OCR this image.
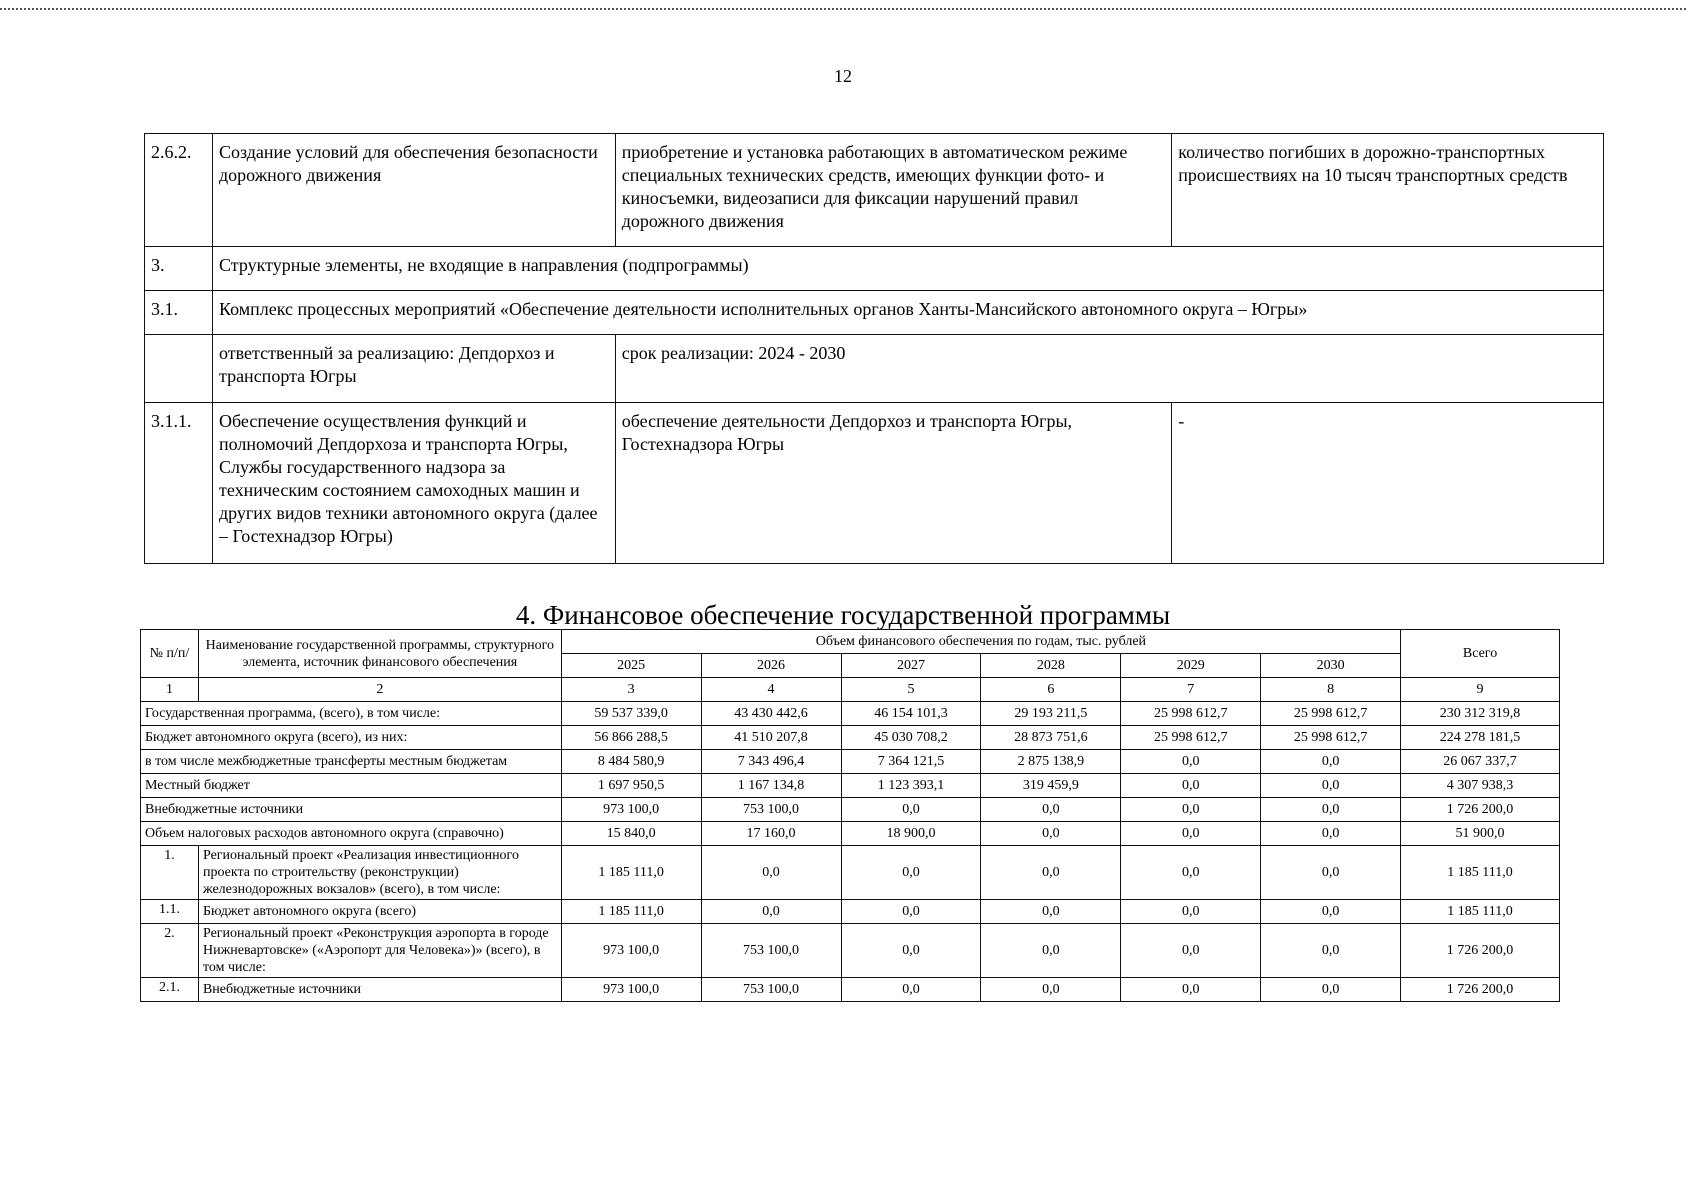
12
2.6.2.	Создание условий для обеспечения безопасности дорожного движения	приобретение и установка работающих в автоматическом режиме специальных технических средств, имеющих функции фото- и киносъемки, видеозаписи для фиксации нарушений правил дорожного движения	количество погибших в дорожно-транспортных происшествиях на 10 тысяч транспортных средств
3.	Структурные элементы, не входящие в направления (подпрограммы)		
3.1.	Комплекс процессных мероприятий «Обеспечение деятельности исполнительных органов Ханты-Мансийского автономного округа – Югры»		
	ответственный за реализацию: Депдорхоз и транспорта Югры	срок реализации: 2024 - 2030	
3.1.1.	Обеспечение осуществления функций и полномочий Депдорхоза и транспорта Югры, Службы государственного надзора за техническим состоянием самоходных машин и других видов техники автономного округа (далее – Гостехнадзор Югры)	обеспечение деятельности Депдорхоз и транспорта Югры, Гостехнадзора Югры	-
4. Финансовое обеспечение государственной программы
№ п/п/	Наименование государственной программы, структурного элемента, источник финансового обеспечения	Объем финансового обеспечения по годам, тыс. рублей						Всего
		2025	2026	2027	2028	2029	2030	
1	2	3	4	5	6	7	8	9
Государственная программа, (всего), в том числе:		59 537 339,0	43 430 442,6	46 154 101,3	29 193 211,5	25 998 612,7	25 998 612,7	230 312 319,8
Бюджет автономного округа (всего), из них:		56 866 288,5	41 510 207,8	45 030 708,2	28 873 751,6	25 998 612,7	25 998 612,7	224 278 181,5
в том числе межбюджетные трансферты местным бюджетам		8 484 580,9	7 343 496,4	7 364 121,5	2 875 138,9	0,0	0,0	26 067 337,7
Местный бюджет		1 697 950,5	1 167 134,8	1 123 393,1	319 459,9	0,0	0,0	4 307 938,3
Внебюджетные источники		973 100,0	753 100,0	0,0	0,0	0,0	0,0	1 726 200,0
Объем налоговых расходов автономного округа (справочно)		15 840,0	17 160,0	18 900,0	0,0	0,0	0,0	51 900,0
1.	Региональный проект «Реализация инвестиционного проекта по строительству (реконструкции) железнодорожных вокзалов» (всего), в том числе:	1 185 111,0	0,0	0,0	0,0	0,0	0,0	1 185 111,0
1.1.	Бюджет автономного округа (всего)	1 185 111,0	0,0	0,0	0,0	0,0	0,0	1 185 111,0
2.	Региональный проект «Реконструкция аэропорта в городе Нижневартовске» («Аэропорт для Человека»)» (всего), в том числе:	973 100,0	753 100,0	0,0	0,0	0,0	0,0	1 726 200,0
2.1.	Внебюджетные источники	973 100,0	753 100,0	0,0	0,0	0,0	0,0	1 726 200,0
